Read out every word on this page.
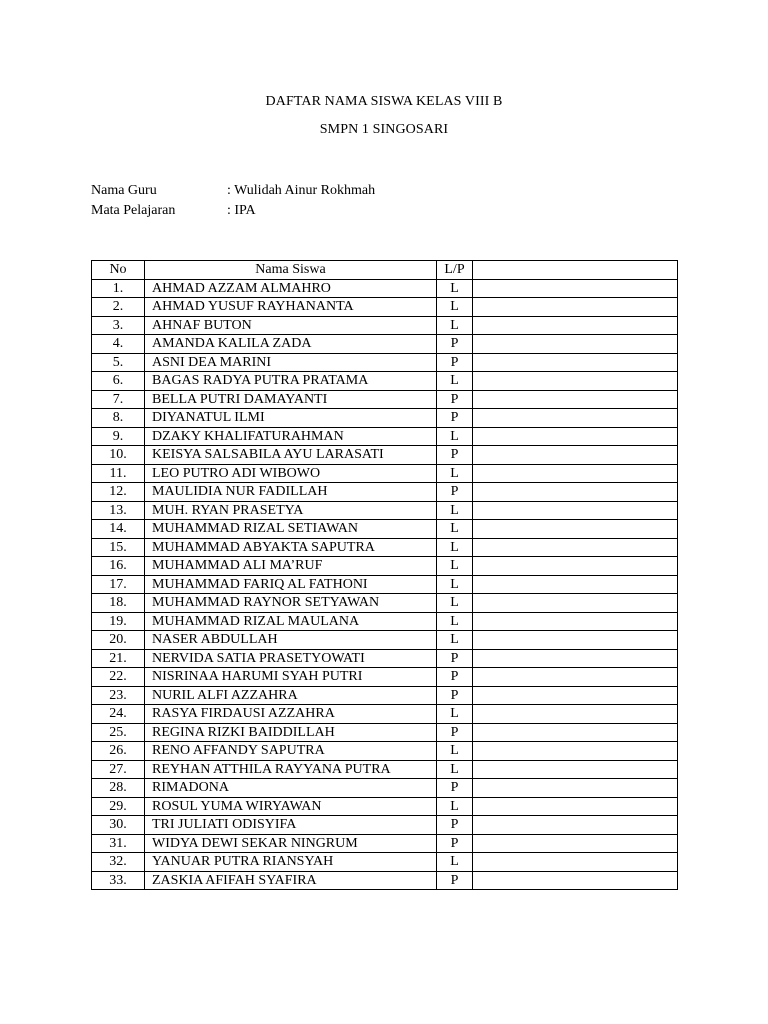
DAFTAR NAMA SISWA KELAS VIII B
SMPN 1 SINGOSARI
Nama Guru	: Wulidah Ainur Rokhmah
Mata Pelajaran	: IPA
No	Nama Siswa	L/P	
1.	AHMAD AZZAM ALMAHRO	L	
2.	AHMAD YUSUF RAYHANANTA	L	
3.	AHNAF BUTON	L	
4.	AMANDA KALILA ZADA	P	
5.	ASNI DEA MARINI	P	
6.	BAGAS RADYA PUTRA PRATAMA	L	
7.	BELLA PUTRI DAMAYANTI	P	
8.	DIYANATUL ILMI	P	
9.	DZAKY KHALIFATURAHMAN	L	
10.	KEISYA SALSABILA AYU LARASATI	P	
11.	LEO PUTRO ADI WIBOWO	L	
12.	MAULIDIA NUR FADILLAH	P	
13.	MUH. RYAN PRASETYA	L	
14.	MUHAMMAD RIZAL SETIAWAN	L	
15.	MUHAMMAD ABYAKTA SAPUTRA	L	
16.	MUHAMMAD ALI MA’RUF	L	
17.	MUHAMMAD FARIQ AL FATHONI	L	
18.	MUHAMMAD RAYNOR SETYAWAN	L	
19.	MUHAMMAD RIZAL MAULANA	L	
20.	NASER ABDULLAH	L	
21.	NERVIDA SATIA PRASETYOWATI	P	
22.	NISRINAA HARUMI SYAH PUTRI	P	
23.	NURIL ALFI AZZAHRA	P	
24.	RASYA FIRDAUSI AZZAHRA	L	
25.	REGINA RIZKI BAIDDILLAH	P	
26.	RENO AFFANDY SAPUTRA	L	
27.	REYHAN ATTHILA RAYYANA PUTRA	L	
28.	RIMADONA	P	
29.	ROSUL YUMA WIRYAWAN	L	
30.	TRI JULIATI ODISYIFA	P	
31.	WIDYA DEWI SEKAR NINGRUM	P	
32.	YANUAR PUTRA RIANSYAH	L	
33.	ZASKIA AFIFAH SYAFIRA	P	
